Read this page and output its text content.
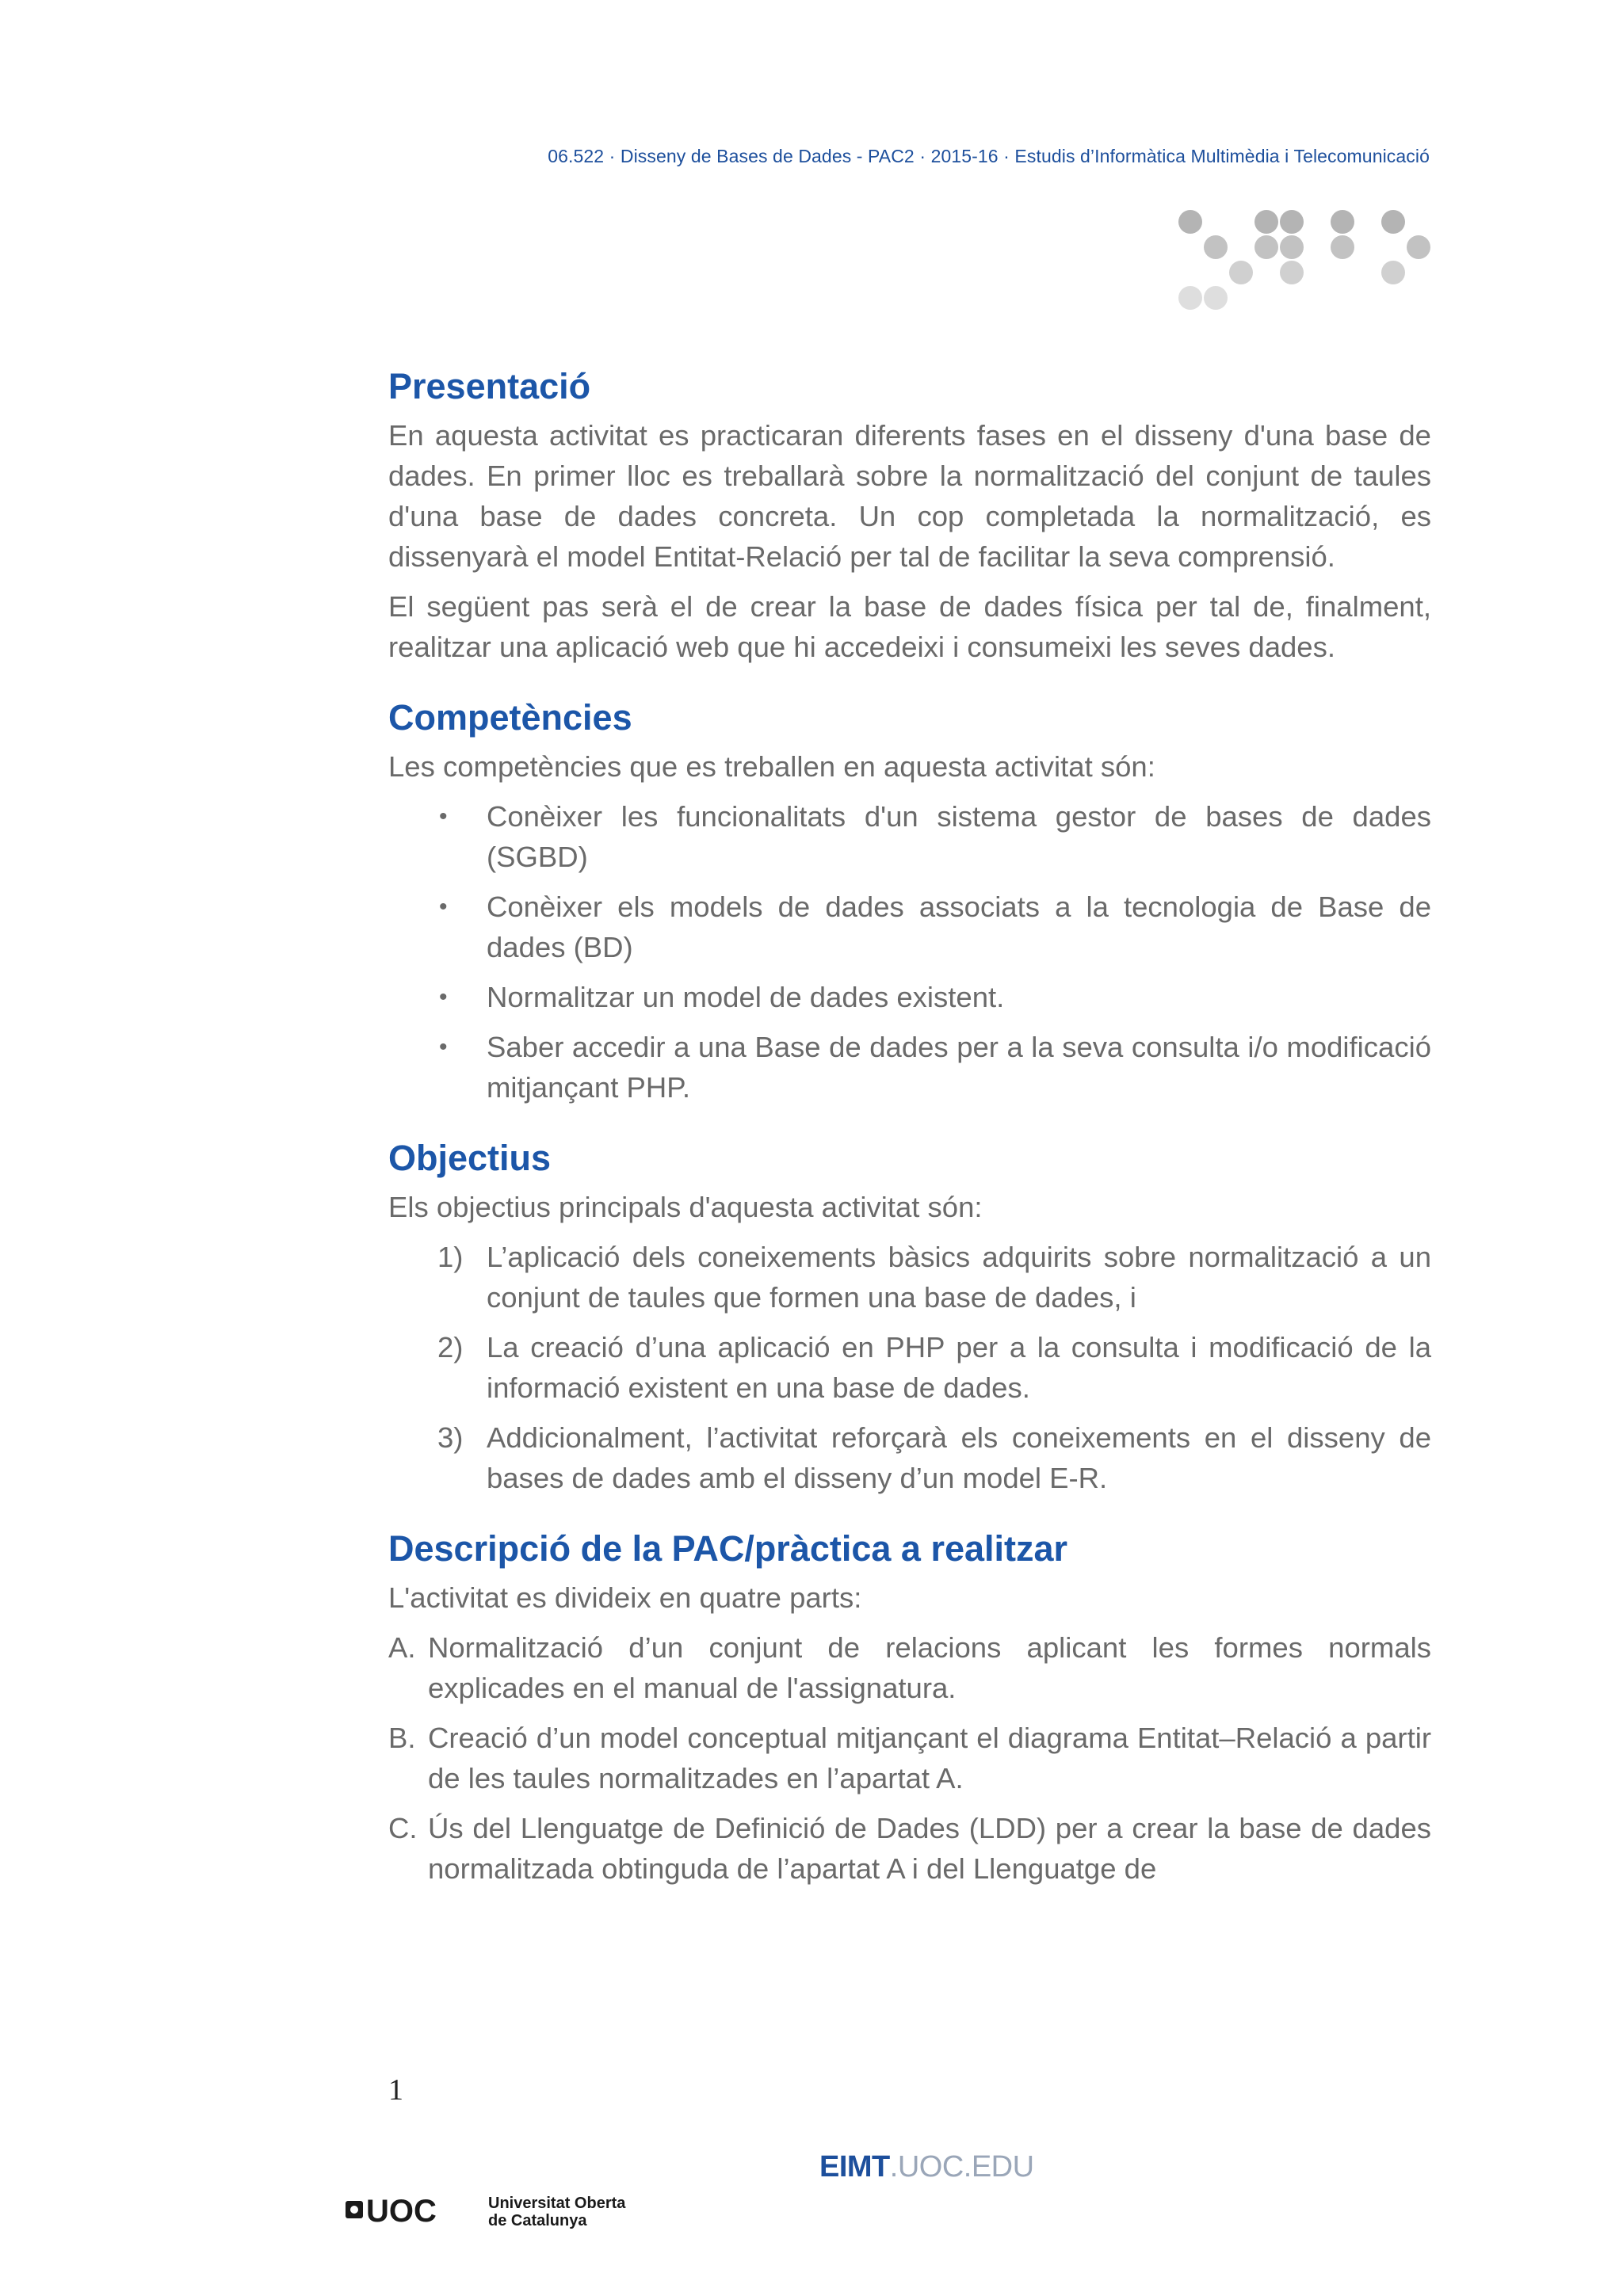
06.522 · Disseny de Bases de Dades - PAC2 · 2015-16 · Estudis d’Informàtica Multimèdia i Telecomunicació
Presentació

En aquesta activitat es practicaran diferents fases en el disseny d'una base de dades. En primer lloc es treballarà sobre la normalització del conjunt de taules d'una base de dades concreta. Un cop completada la normalització, es dissenyarà el model Entitat-Relació per tal de facilitar la seva comprensió.

El següent pas serà el de crear la base de dades física per tal de, finalment, realitzar una aplicació web que hi accedeixi i consumeixi les seves dades.

Competències

Les competències que es treballen en aquesta activitat són:

• Conèixer les funcionalitats d'un sistema gestor de bases de dades (SGBD)
• Conèixer els models de dades associats a la tecnologia de Base de dades (BD)
• Normalitzar un model de dades existent.
• Saber accedir a una Base de dades per a la seva consulta i/o modificació mitjançant PHP.
Objectius

Els objectius principals d'aquesta activitat són:

1) L’aplicació dels coneixements bàsics adquirits sobre normalització a un conjunt de taules que formen una base de dades, i
2) La creació d’una aplicació en PHP per a la consulta i modificació de la informació existent en una base de dades.
3) Addicionalment, l’activitat reforçarà els coneixements en el disseny de bases de dades amb el disseny d’un model E-R.
Descripció de la PAC/pràctica a realitzar

L'activitat es divideix en quatre parts:

A. Normalització d’un conjunt de relacions aplicant les formes normals explicades en el manual de l'assignatura.
B. Creació d’un model conceptual mitjançant el diagrama Entitat–Relació a partir de les taules normalitzades en l’apartat A.
C. Ús del Llenguatge de Definició de Dades (LDD) per a crear la base de dades normalitzada obtinguda de l’apartat A i del Llenguatge de
1
EIMT.UOC.EDU
UOC	Universitat Oberta
de Catalunya
